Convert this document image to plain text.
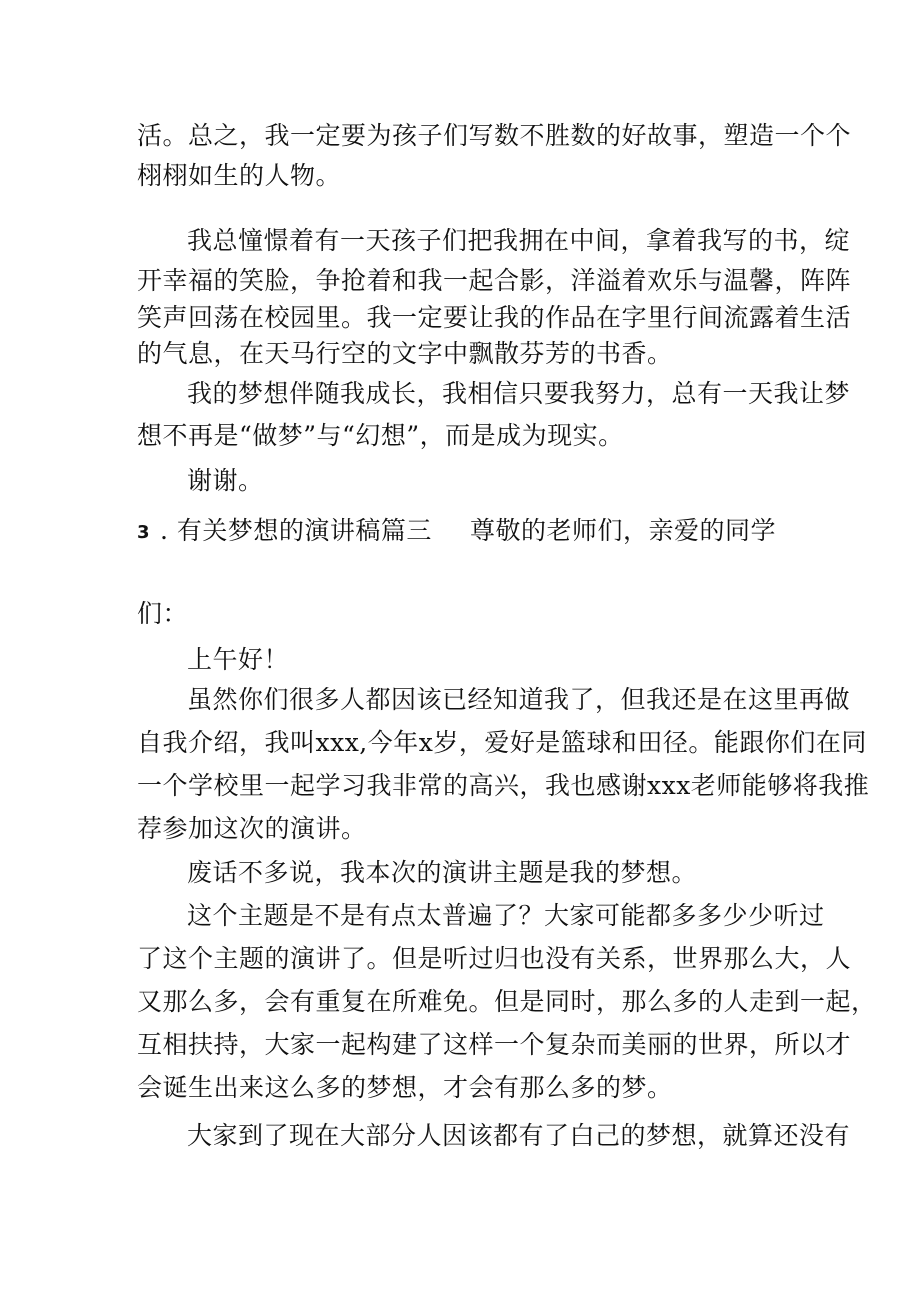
活。总之，我一定要为孩子们写数不胜数的好故事，塑造一个个
栩栩如生的人物。
我总憧憬着有一天孩子们把我拥在中间，拿着我写的书，绽
开幸福的笑脸，争抢着和我一起合影，洋溢着欢乐与温馨，阵阵
笑声回荡在校园里。我一定要让我的作品在字里行间流露着生活
的气息，在天马行空的文字中飘散芬芳的书香。
我的梦想伴随我成长，我相信只要我努力，总有一天我让梦
想不再是“做梦”与“幻想”，而是成为现实。
谢谢。
3 . 有关梦想的演讲稿篇三 尊敬的老师们，亲爱的同学
们：
上午好！
虽然你们很多人都因该已经知道我了，但我还是在这里再做
自我介绍，我叫xxx,今年x岁，爱好是篮球和田径。能跟你们在同
一个学校里一起学习我非常的高兴，我也感谢xxx老师能够将我推
荐参加这次的演讲。
废话不多说，我本次的演讲主题是我的梦想。
这个主题是不是有点太普遍了？大家可能都多多少少听过
了这个主题的演讲了。但是听过归也没有关系，世界那么大，人
又那么多，会有重复在所难免。但是同时，那么多的人走到一起，
互相扶持，大家一起构建了这样一个复杂而美丽的世界，所以才
会诞生出来这么多的梦想，才会有那么多的梦。
大家到了现在大部分人因该都有了白己的梦想，就算还没有
